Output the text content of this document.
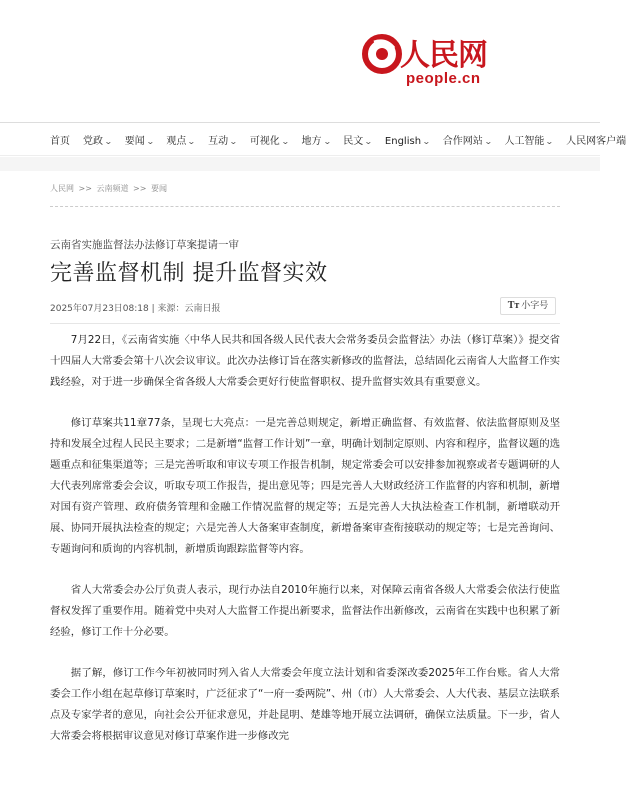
人民网
people.cn
首页 党政⌄ 要闻⌄ 观点⌄ 互动⌄ 可视化⌄ 地方⌄ 民文⌄ English⌄ 合作网站⌄ 人工智能⌄ 人民网客户端
人民网 >> 云南频道 >> 要闻
云南省实施监督法办法修订草案提请一审
完善监督机制 提升监督实效
2025年07月23日08:18 | 来源：云南日报	Tт 小字号

7月22日，《云南省实施〈中华人民共和国各级人民代表大会常务委员会监督法〉办法（修订草案）》提交省十四届人大常委会第十八次会议审议。此次办法修订旨在落实新修改的监督法，总结固化云南省人大监督工作实践经验，对于进一步确保全省各级人大常委会更好行使监督职权、提升监督实效具有重要意义。

修订草案共11章77条，呈现七大亮点：一是完善总则规定，新增正确监督、有效监督、依法监督原则及坚持和发展全过程人民民主要求；二是新增“监督工作计划”一章，明确计划制定原则、内容和程序，监督议题的选题重点和征集渠道等；三是完善听取和审议专项工作报告机制，规定常委会可以安排参加视察或者专题调研的人大代表列席常委会会议，听取专项工作报告，提出意见等；四是完善人大财政经济工作监督的内容和机制，新增对国有资产管理、政府债务管理和金融工作情况监督的规定等；五是完善人大执法检查工作机制，新增联动开展、协同开展执法检查的规定；六是完善人大备案审查制度，新增备案审查衔接联动的规定等；七是完善询问、专题询问和质询的内容机制，新增质询跟踪监督等内容。

省人大常委会办公厅负责人表示，现行办法自2010年施行以来，对保障云南省各级人大常委会依法行使监督权发挥了重要作用。随着党中央对人大监督工作提出新要求，监督法作出新修改，云南省在实践中也积累了新经验，修订工作十分必要。

据了解，修订工作今年初被同时列入省人大常委会年度立法计划和省委深改委2025年工作台账。省人大常委会工作小组在起草修订草案时，广泛征求了“一府一委两院”、州（市）人大常委会、人大代表、基层立法联系点及专家学者的意见，向社会公开征求意见，并赴昆明、楚雄等地开展立法调研，确保立法质量。下一步，省人大常委会将根据审议意见对修订草案作进一步修改完
